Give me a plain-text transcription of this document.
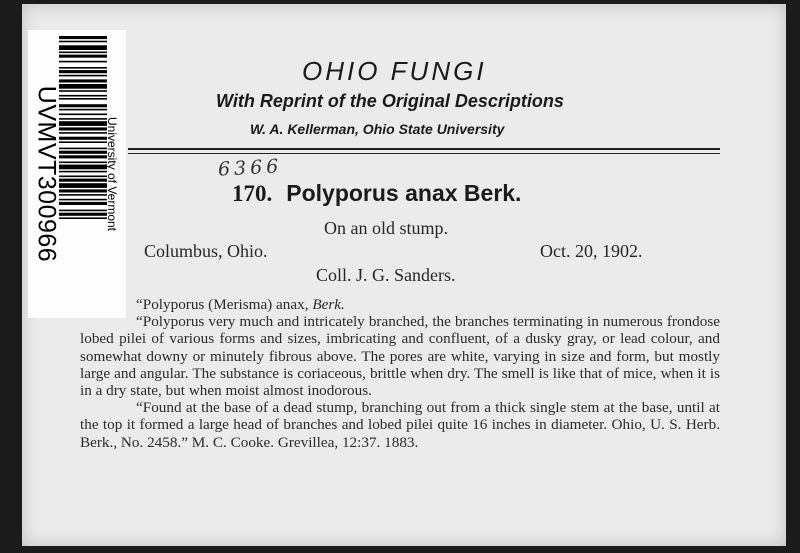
OHIO FUNGI
With Reprint of the Original Descriptions
W. A. Kellerman, Ohio State University
6366
170. Polyporus anax Berk.
On an old stump.
Columbus, Ohio.	Oct. 20, 1902.
Coll. J. G. Sanders.

“Polyporus (Merisma) anax, Berk.

“Polyporus very much and intricately branched, the branches terminating in numerous frondose lobed pilei of various forms and sizes, imbricating and confluent, of a dusky gray, or lead colour, and somewhat downy or minutely fibrous above. The pores are white, varying in size and form, but mostly large and angular. The substance is coriaceous, brittle when dry. The smell is like that of mice, when it is in a dry state, but when moist almost inodorous.

“Found at the base of a dead stump, branching out from a thick single stem at the base, until at the top it formed a large head of branches and lobed pilei quite 16 inches in diameter. Ohio, U. S. Herb. Berk., No. 2458.” M. C. Cooke. Grevillea, 12:37. 1883.

UVMVT300966	University of Vermont
